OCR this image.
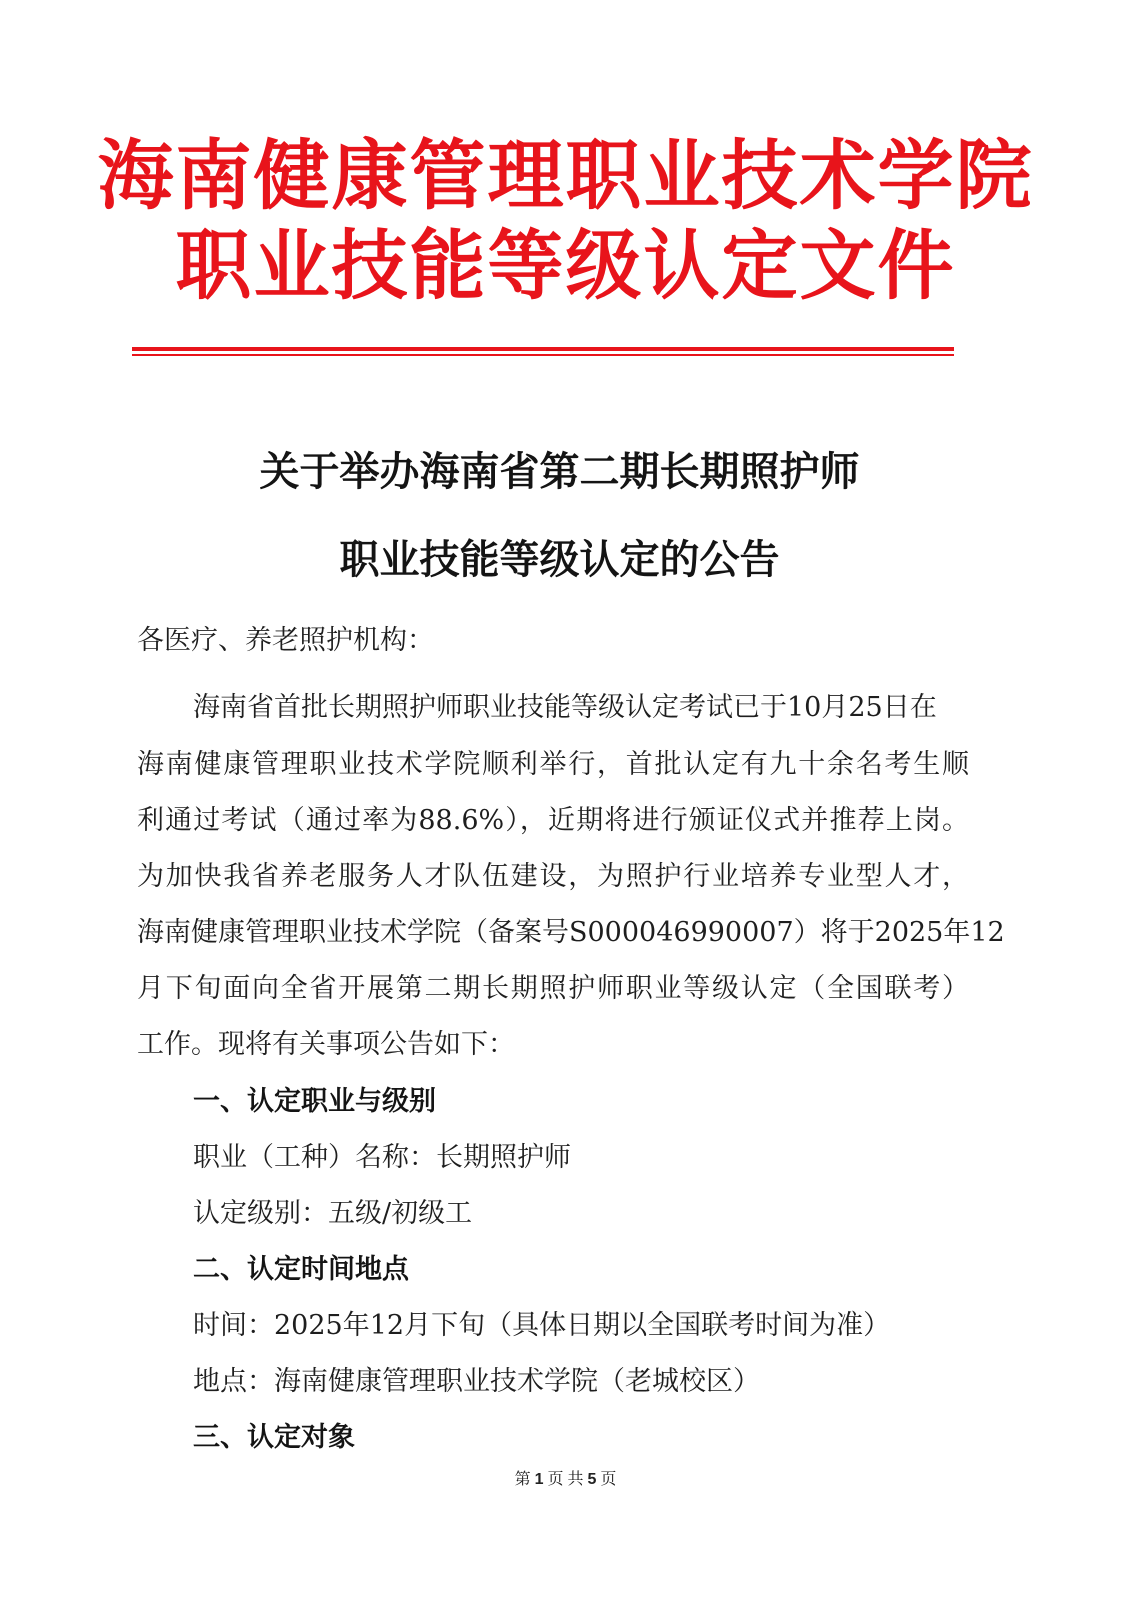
海南健康管理职业技术学院
职业技能等级认定文件
关于举办海南省第二期长期照护师
职业技能等级认定的公告
各医疗、养老照护机构：
海南省首批长期照护师职业技能等级认定考试已于10月25日在
海南健康管理职业技术学院顺利举行，首批认定有九十余名考生顺
利通过考试（通过率为88.6%），近期将进行颁证仪式并推荐上岗。
为加快我省养老服务人才队伍建设，为照护行业培养专业型人才，
海南健康管理职业技术学院（备案号S000046990007）将于2025年12
月下旬面向全省开展第二期长期照护师职业等级认定（全国联考）
工作。现将有关事项公告如下：
一、认定职业与级别
职业（工种）名称：长期照护师
认定级别：五级/初级工
二、认定时间地点
时间：2025年12月下旬（具体日期以全国联考时间为准）
地点：海南健康管理职业技术学院（老城校区）
三、认定对象
第 1 页 共 5 页
